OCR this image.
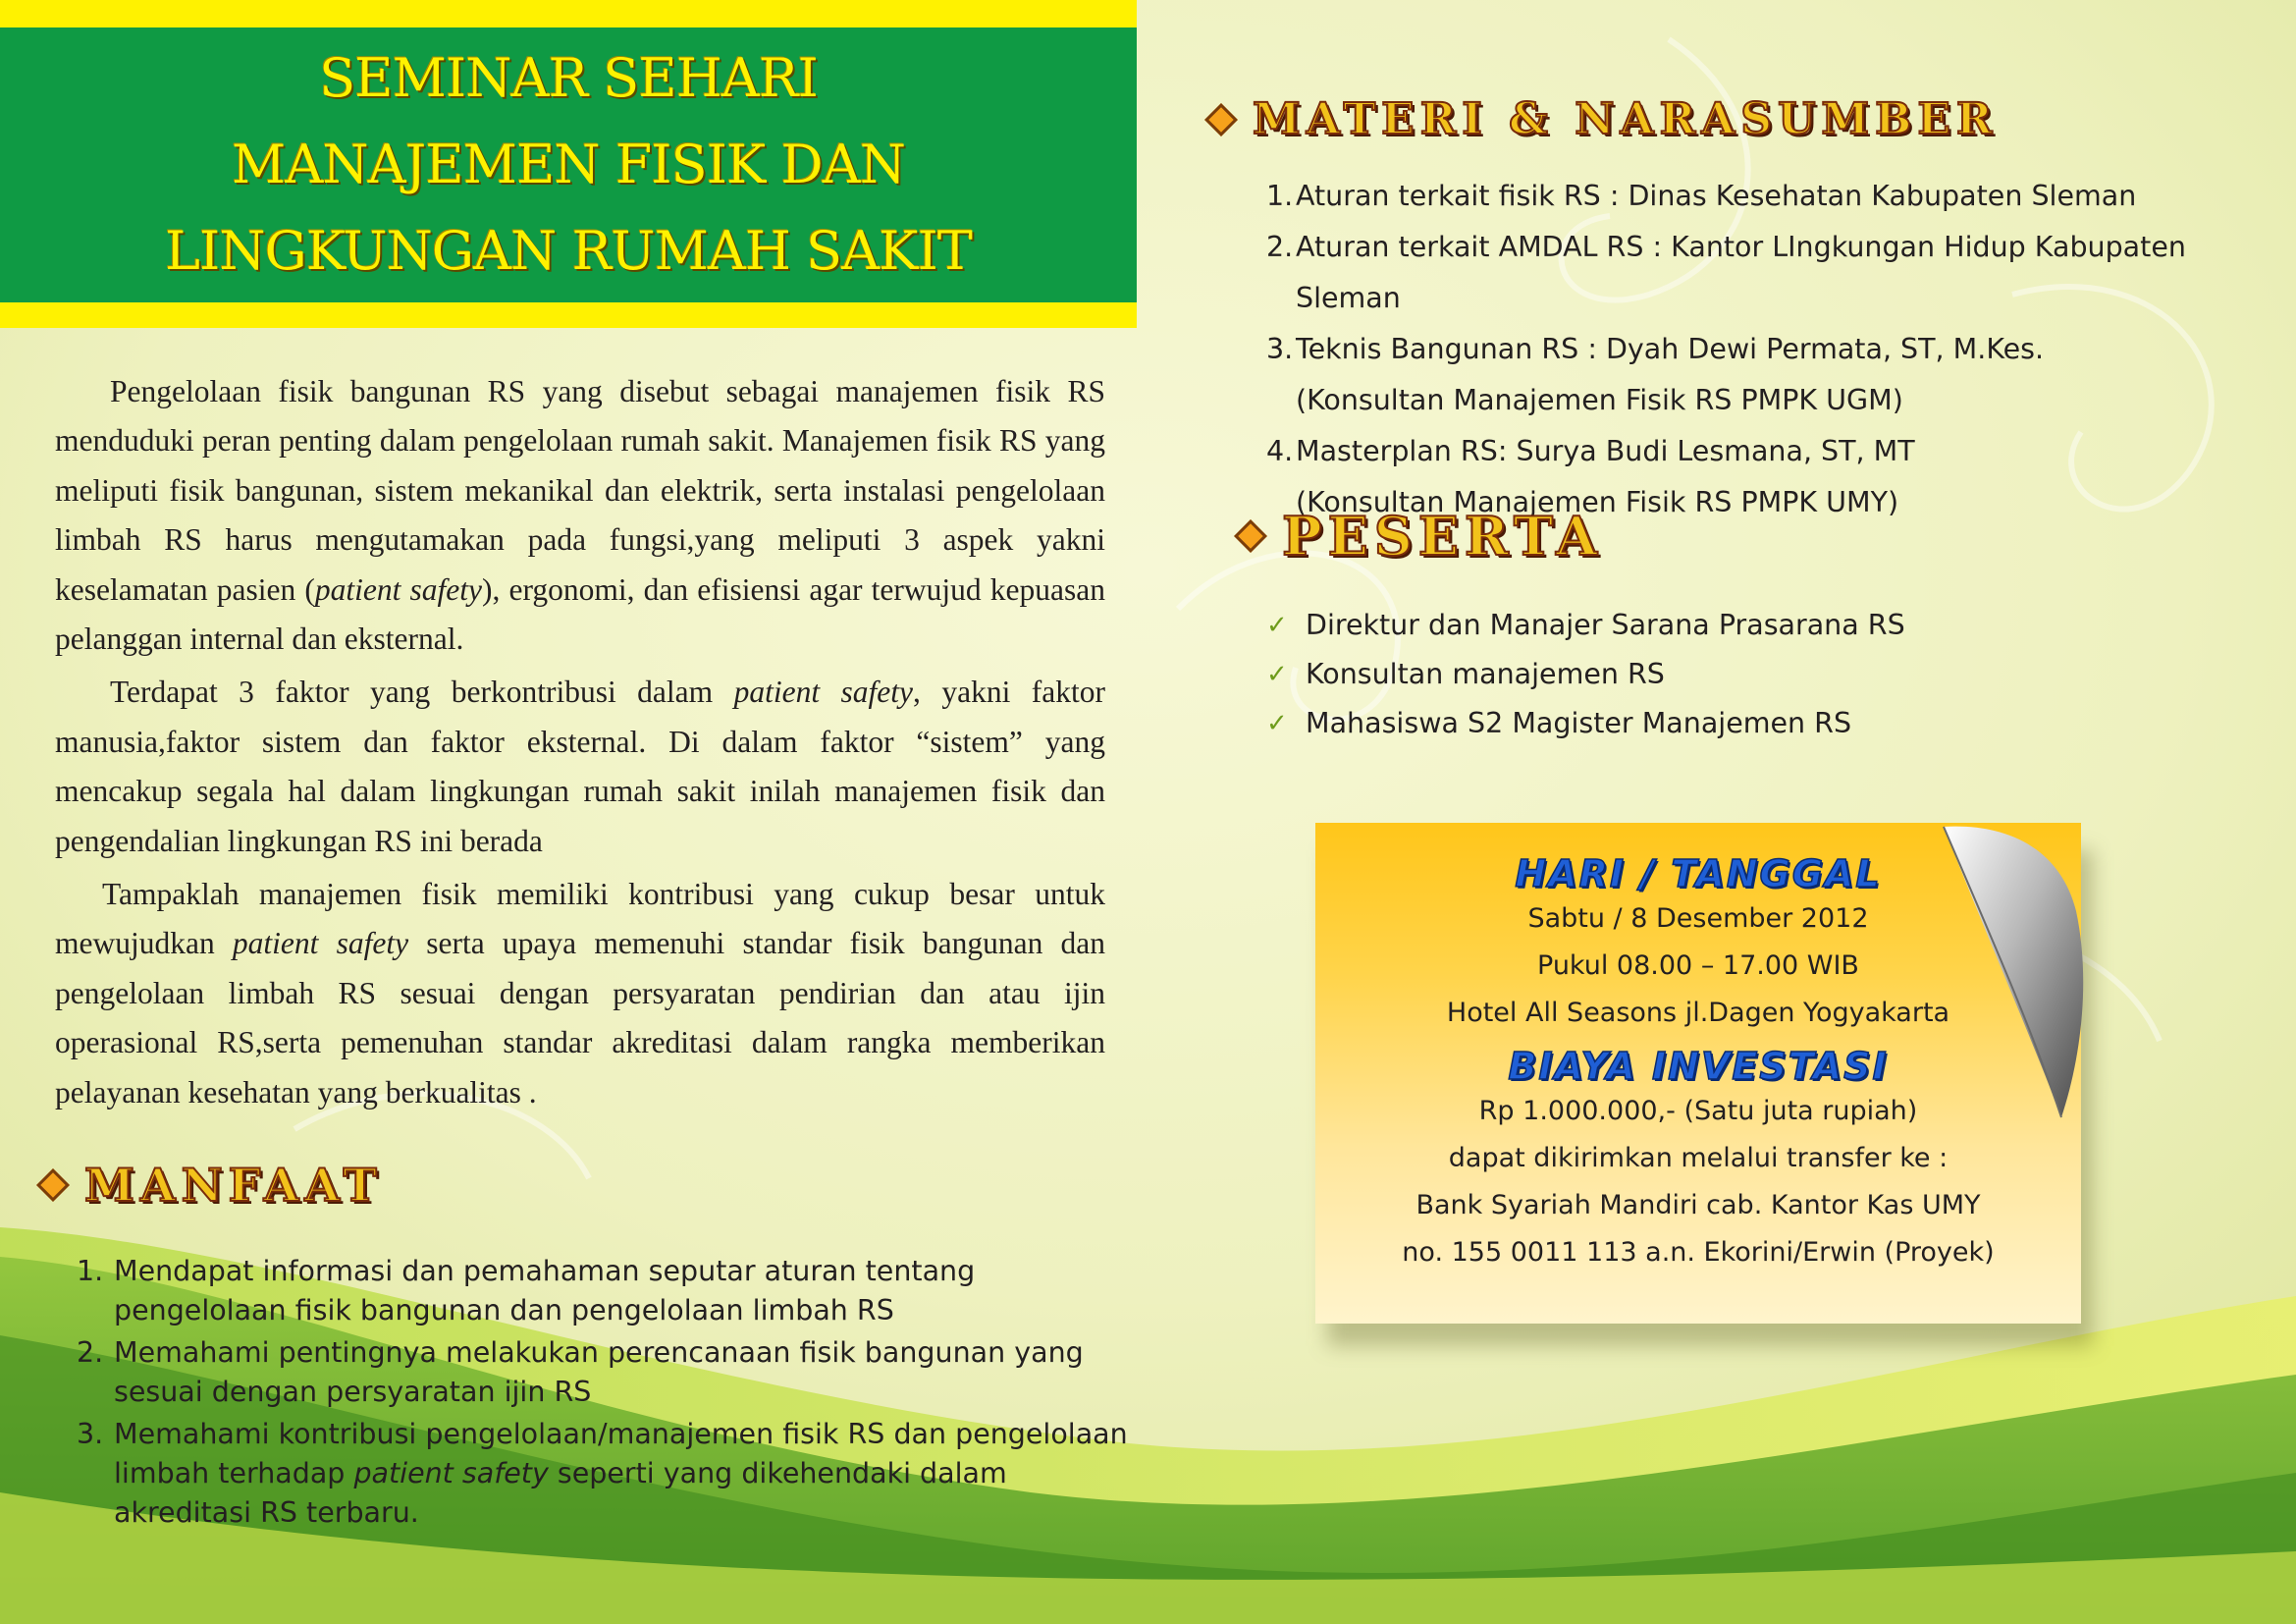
SEMINAR SEHARI
MANAJEMEN FISIK DAN
LINGKUNGAN RUMAH SAKIT

Pengelolaan fisik bangunan RS yang disebut sebagai manajemen fisik RS menduduki peran penting dalam pengelolaan rumah sakit. Manajemen fisik RS yang meliputi fisik bangunan, sistem mekanikal dan elektrik, serta instalasi pengelolaan limbah RS harus mengutamakan pada fungsi,yang meliputi 3 aspek yakni keselamatan pasien (patient safety), ergonomi, dan efisiensi agar terwujud kepuasan pelanggan internal dan eksternal.

Terdapat 3 faktor yang berkontribusi dalam patient safety, yakni faktor manusia,faktor sistem dan faktor eksternal. Di dalam faktor “sistem” yang mencakup segala hal dalam lingkungan rumah sakit inilah manajemen fisik dan pengendalian lingkungan RS ini berada

Tampaklah manajemen fisik memiliki kontribusi yang cukup besar untuk mewujudkan patient safety serta upaya memenuhi standar fisik bangunan dan pengelolaan limbah RS sesuai dengan persyaratan pendirian dan atau ijin operasional RS,serta pemenuhan standar akreditasi dalam rangka memberikan pelayanan kesehatan yang berkualitas .

MANFAAT
1. Mendapat informasi dan pemahaman seputar aturan tentang pengelolaan fisik bangunan dan pengelolaan limbah RS
2. Memahami pentingnya melakukan perencanaan fisik bangunan yang sesuai dengan persyaratan ijin RS
3. Memahami kontribusi pengelolaan/manajemen fisik RS dan pengelolaan limbah terhadap patient safety seperti yang dikehendaki dalam akreditasi RS terbaru.
MATERI & NARASUMBER
1. Aturan terkait fisik RS : Dinas Kesehatan Kabupaten Sleman
2. Aturan terkait AMDAL RS : Kantor LIngkungan Hidup Kabupaten Sleman
3. Teknis Bangunan RS : Dyah Dewi Permata, ST, M.Kes.
(Konsultan Manajemen Fisik RS PMPK UGM)
4. Masterplan RS: Surya Budi Lesmana, ST, MT
(Konsultan Manajemen Fisik RS PMPK UMY)
PESERTA
✓ Direktur dan Manajer Sarana Prasarana RS
✓ Konsultan manajemen RS
✓ Mahasiswa S2 Magister Manajemen RS
HARI / TANGGAL
Sabtu / 8 Desember 2012
Pukul 08.00 – 17.00 WIB
Hotel All Seasons jl.Dagen Yogyakarta
BIAYA INVESTASI
Rp 1.000.000,- (Satu juta rupiah)
dapat dikirimkan melalui transfer ke :
Bank Syariah Mandiri cab. Kantor Kas UMY
no. 155 0011 113 a.n. Ekorini/Erwin (Proyek)
